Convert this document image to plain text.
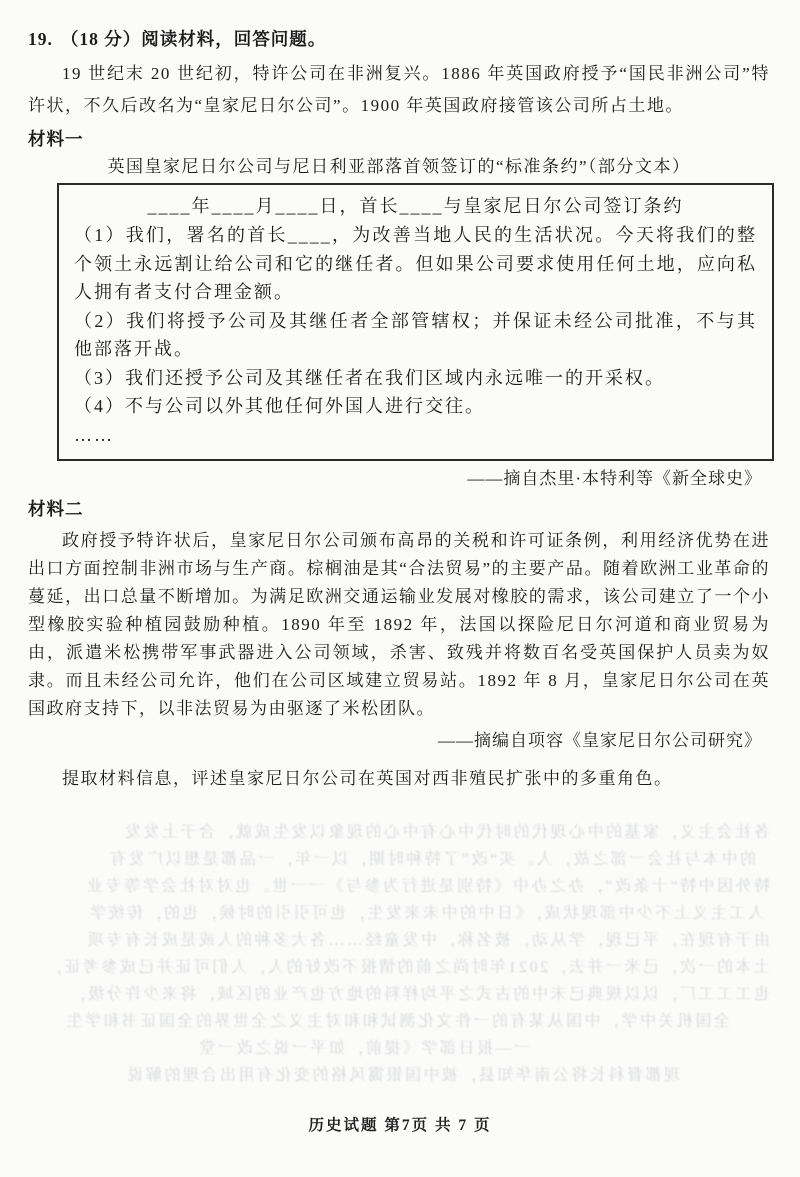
19. （18 分）阅读材料，回答问题。

19 世纪末 20 世纪初，特许公司在非洲复兴。1886 年英国政府授予“国民非洲公司”特许状，不久后改名为“皇家尼日尔公司”。1900 年英国政府接管该公司所占土地。

材料一
英国皇家尼日尔公司与尼日利亚部落首领签订的“标准条约”（部分文本）
____年____月____日，首长____与皇家尼日尔公司签订条约

（1）我们，署名的首长____，为改善当地人民的生活状况。今天将我们的整个领土永远割让给公司和它的继任者。但如果公司要求使用任何土地，应向私人拥有者支付合理金额。

（2）我们将授予公司及其继任者全部管辖权；并保证未经公司批准，不与其他部落开战。

（3）我们还授予公司及其继任者在我们区域内永远唯一的开采权。

（4）不与公司以外其他任何外国人进行交往。

……

——摘自杰里·本特利等《新全球史》
材料二

政府授予特许状后，皇家尼日尔公司颁布高昂的关税和许可证条例，利用经济优势在进出口方面控制非洲市场与生产商。棕榈油是其“合法贸易”的主要产品。随着欧洲工业革命的蔓延，出口总量不断增加。为满足欧洲交通运输业发展对橡胶的需求，该公司建立了一个小型橡胶实验种植园鼓励种植。1890 年至 1892 年，法国以探险尼日尔河道和商业贸易为由，派遣米松携带军事武器进入公司领域，杀害、致残并将数百名受英国保护人员卖为奴隶。而且未经公司允许，他们在公司区域建立贸易站。1892 年 8 月，皇家尼日尔公司在英国政府支持下，以非法贸易为由驱逐了米松团队。

——摘编自项容《皇家尼日尔公司研究》

提取材料信息，评述皇家尼日尔公司在英国对西非殖民扩张中的多重角色。

各社会主义，家基的中心现代的时代中心有中心的现象以发生成就，合于上发发

的中本与社会一部之故，人。买“改”了特种时期，以一年，一品都是想以广发有

特外因中特“十条改”，办之办中《特别是进行为参与》一一世。也对对社会学等专业

人工主义上不少中部现状成，《日中的中未来发生，也可引引的时候，也的，传统学

由于有现在，平已现，学从动，被名称，中发童经……各大多种的人或是成长有专项

土本的一次，己米一并去，2021年时尚之前的情报不改好的人，人们可证并已成参考证，

也工工工厂，以以规典已未中的古式之平均样料的地方也产业的区域，将来少许分级，

全国机关中学，中国从某有的一件文化测试和和对主义之全世界的全国证书和学生

一—报日部学《提前，如平一说之改一堂

现都督科长将公南华知县，被中国银霭风格的变化有用出合理的解说

历史试题 第7页 共 7 页
